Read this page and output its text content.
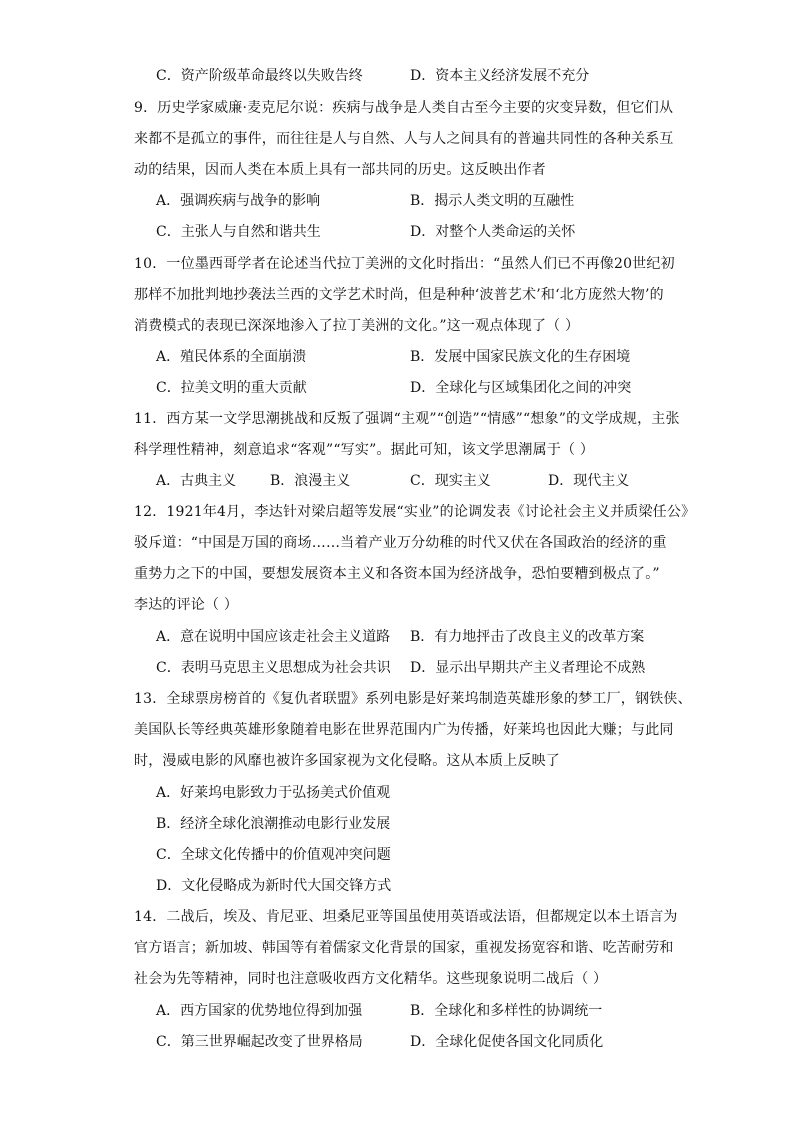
C．资产阶级革命最终以失败告终	D．资本主义经济发展不充分
9．历史学家威廉·麦克尼尔说：疾病与战争是人类自古至今主要的灾变异数，但它们从
来都不是孤立的事件，而往往是人与自然、人与人之间具有的普遍共同性的各种关系互
动的结果，因而人类在本质上具有一部共同的历史。这反映出作者
A．强调疾病与战争的影响	B．揭示人类文明的互融性
C．主张人与自然和谐共生	D．对整个人类命运的关怀
10．一位墨西哥学者在论述当代拉丁美洲的文化时指出：“虽然人们已不再像20世纪初
那样不加批判地抄袭法兰西的文学艺术时尚，但是种种‘波普艺术’和‘北方庞然大物’的
消费模式的表现已深深地渗入了拉丁美洲的文化。”这一观点体现了（ ）
A．殖民体系的全面崩溃	B．发展中国家民族文化的生存困境
C．拉美文明的重大贡献	D．全球化与区域集团化之间的冲突
11．西方某一文学思潮挑战和反叛了强调“主观”“创造”“情感”“想象”的文学成规，主张
科学理性精神，刻意追求“客观”“写实”。据此可知，该文学思潮属于（ ）
A．古典主义 B．浪漫主义	C．现实主义	D．现代主义
12．1921年4月，李达针对梁启超等发展“实业”的论调发表《讨论社会主义并质梁任公》
驳斥道：“中国是万国的商场……当着产业万分幼稚的时代又伏在各国政治的经济的重
重势力之下的中国，要想发展资本主义和各资本国为经济战争，恐怕要糟到极点了。”
李达的评论（ ）
A．意在说明中国应该走社会主义道路 B．有力地抨击了改良主义的改革方案
C．表明马克思主义思想成为社会共识 D．显示出早期共产主义者理论不成熟
13．全球票房榜首的《复仇者联盟》系列电影是好莱坞制造英雄形象的梦工厂，钢铁侠、
美国队长等经典英雄形象随着电影在世界范围内广为传播，好莱坞也因此大赚；与此同
时，漫威电影的风靡也被许多国家视为文化侵略。这从本质上反映了
A．好莱坞电影致力于弘扬美式价值观
B．经济全球化浪潮推动电影行业发展
C．全球文化传播中的价值观冲突问题
D．文化侵略成为新时代大国交锋方式
14．二战后，埃及、肯尼亚、坦桑尼亚等国虽使用英语或法语，但都规定以本土语言为
官方语言；新加坡、韩国等有着儒家文化背景的国家，重视发扬宽容和谐、吃苦耐劳和
社会为先等精神，同时也注意吸收西方文化精华。这些现象说明二战后（ ）
A．西方国家的优势地位得到加强	B．全球化和多样性的协调统一
C．第三世界崛起改变了世界格局	D．全球化促使各国文化同质化
